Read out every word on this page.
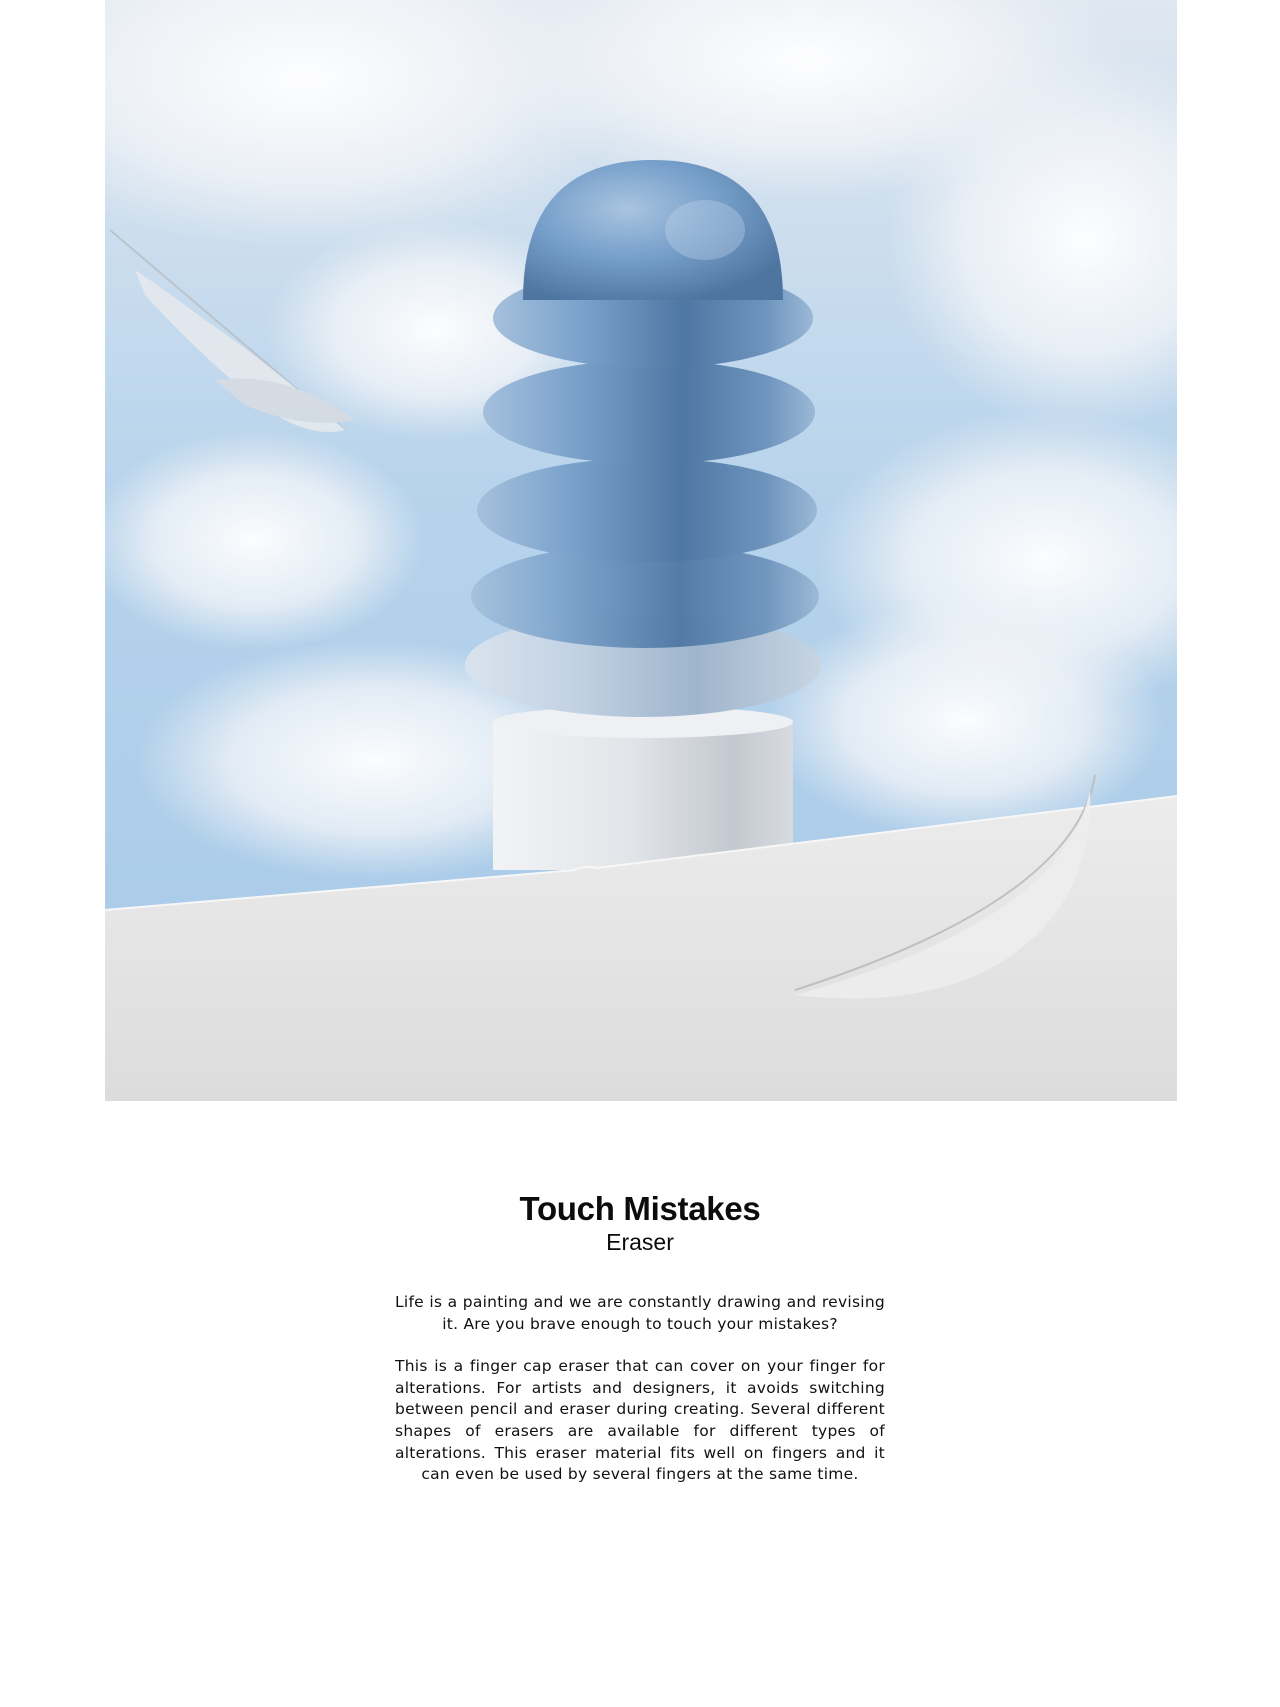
Touch Mistakes
Eraser

Life is a painting and we are constantly drawing and revising it. Are you brave enough to touch your mistakes?

This is a finger cap eraser that can cover on your finger for alterations. For artists and designers, it avoids switching between pencil and eraser during creating. Several different shapes of erasers are available for different types of alterations. This eraser material fits well on fingers and it can even be used by several fingers at the same time.
